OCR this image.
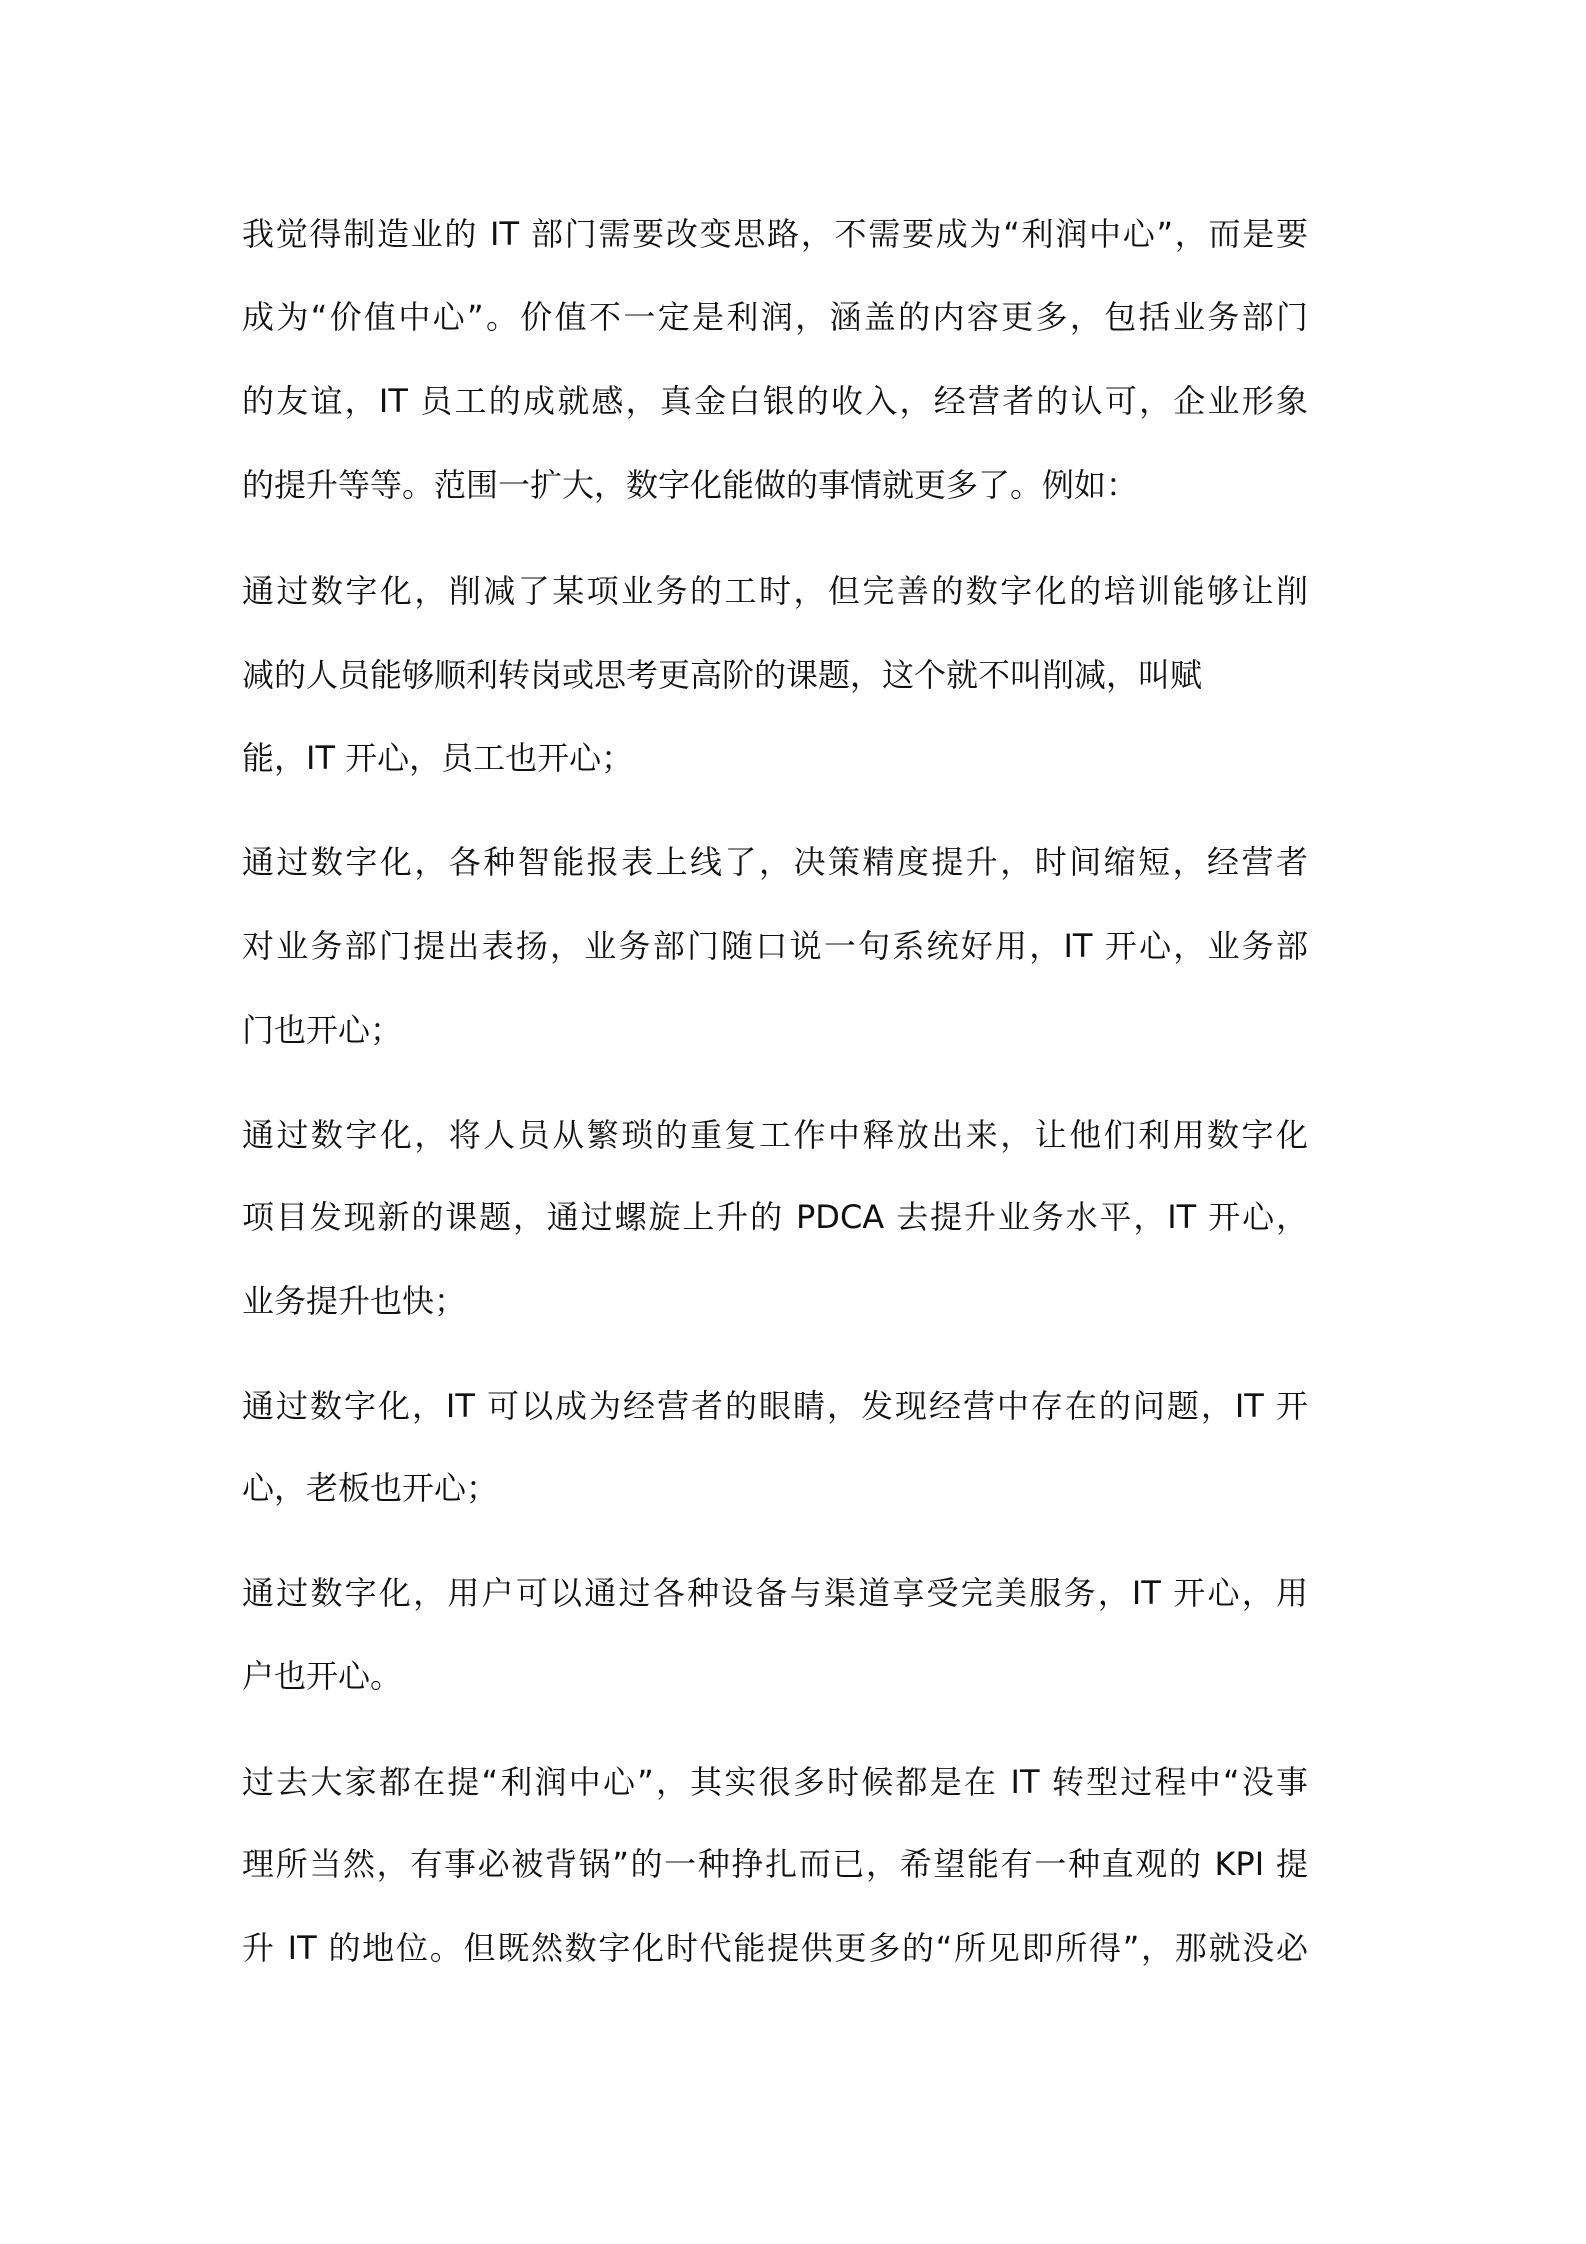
我觉得制造业的 IT 部门需要改变思路，不需要成为“利润中心”，而是要
成为“价值中心”。价值不一定是利润，涵盖的内容更多，包括业务部门
的友谊，IT 员工的成就感，真金白银的收入，经营者的认可，企业形象
的提升等等。范围一扩大，数字化能做的事情就更多了。例如：
通过数字化，削减了某项业务的工时，但完善的数字化的培训能够让削
减的人员能够顺利转岗或思考更高阶的课题，这个就不叫削减，叫赋
能，IT 开心，员工也开心；
通过数字化，各种智能报表上线了，决策精度提升，时间缩短，经营者
对业务部门提出表扬，业务部门随口说一句系统好用，IT 开心，业务部
门也开心；
通过数字化，将人员从繁琐的重复工作中释放出来，让他们利用数字化
项目发现新的课题，通过螺旋上升的 PDCA 去提升业务水平，IT 开心，
业务提升也快；
通过数字化，IT 可以成为经营者的眼睛，发现经营中存在的问题，IT 开
心，老板也开心；
通过数字化，用户可以通过各种设备与渠道享受完美服务，IT 开心，用
户也开心。
过去大家都在提“利润中心”，其实很多时候都是在 IT 转型过程中“没事
理所当然，有事必被背锅”的一种挣扎而已，希望能有一种直观的 KPI 提
升 IT 的地位。但既然数字化时代能提供更多的“所见即所得”，那就没必
